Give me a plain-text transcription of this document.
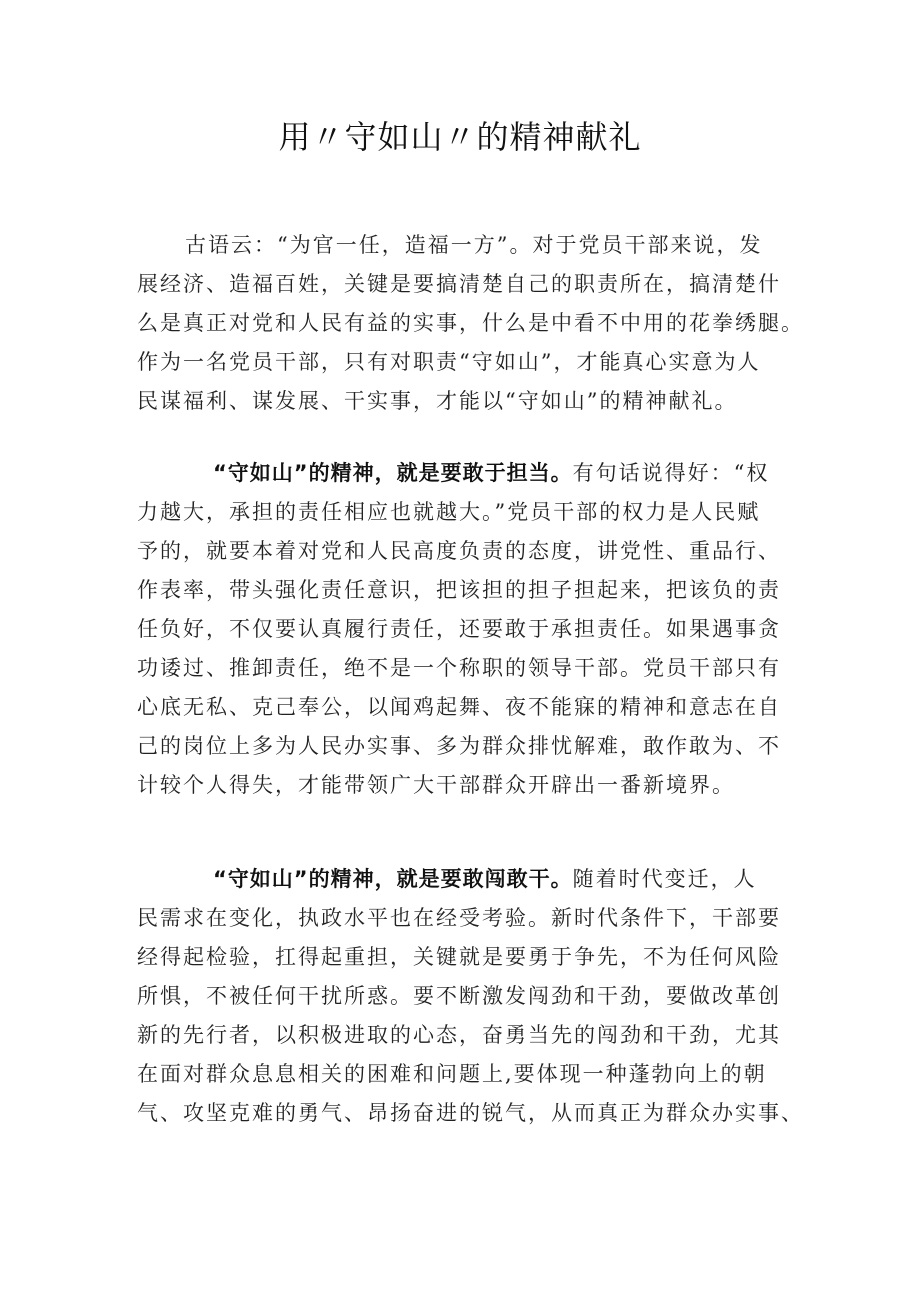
用〃守如山〃的精神献礼
古语云：“为官一任，造福一方”。对于党员干部来说，发
展经济、造福百姓，关键是要搞清楚自己的职责所在，搞清楚什
么是真正对党和人民有益的实事，什么是中看不中用的花拳绣腿。
作为一名党员干部，只有对职责“守如山”，才能真心实意为人
民谋福利、谋发展、干实事，才能以“守如山”的精神献礼。
“守如山”的精神，就是要敢于担当。有句话说得好：“权
力越大，承担的责任相应也就越大。”党员干部的权力是人民赋
予的，就要本着对党和人民高度负责的态度，讲党性、重品行、
作表率，带头强化责任意识，把该担的担子担起来，把该负的责
任负好，不仅要认真履行责任，还要敢于承担责任。如果遇事贪
功诿过、推卸责任，绝不是一个称职的领导干部。党员干部只有
心底无私、克己奉公，以闻鸡起舞、夜不能寐的精神和意志在自
己的岗位上多为人民办实事、多为群众排忧解难，敢作敢为、不
计较个人得失，才能带领广大干部群众开辟出一番新境界。
“守如山”的精神，就是要敢闯敢干。随着时代变迁，人
民需求在变化，执政水平也在经受考验。新时代条件下，干部要
经得起检验，扛得起重担，关键就是要勇于争先，不为任何风险
所惧，不被任何干扰所惑。要不断激发闯劲和干劲，要做改革创
新的先行者，以积极进取的心态，奋勇当先的闯劲和干劲，尤其
在面对群众息息相关的困难和问题上,要体现一种蓬勃向上的朝
气、攻坚克难的勇气、昂扬奋进的锐气，从而真正为群众办实事、
